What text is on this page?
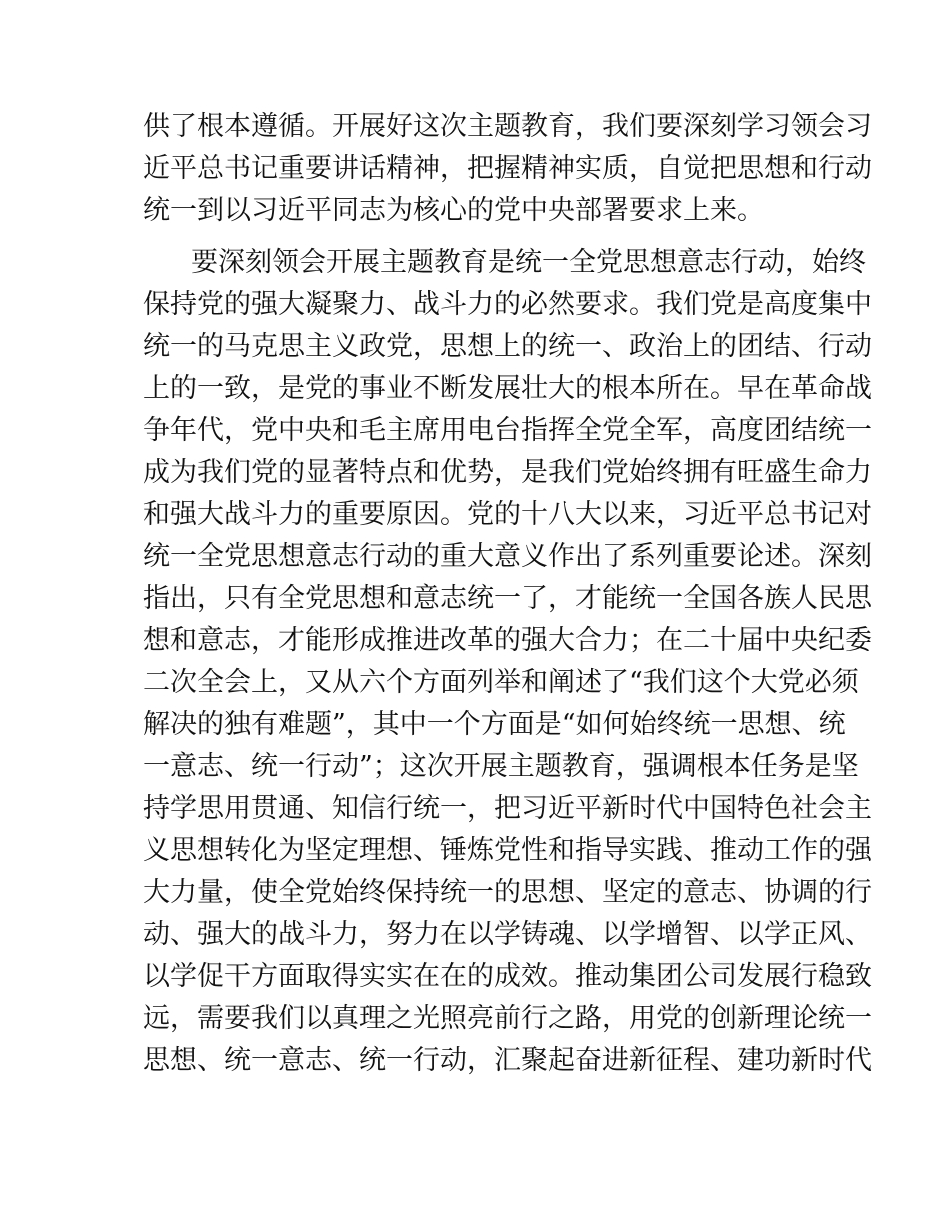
供了根本遵循。开展好这次主题教育，我们要深刻学习领会习
近平总书记重要讲话精神，把握精神实质，自觉把思想和行动
统一到以习近平同志为核心的党中央部署要求上来。
要深刻领会开展主题教育是统一全党思想意志行动，始终
保持党的强大凝聚力、战斗力的必然要求。我们党是高度集中
统一的马克思主义政党，思想上的统一、政治上的团结、行动
上的一致，是党的事业不断发展壮大的根本所在。早在革命战
争年代，党中央和毛主席用电台指挥全党全军，高度团结统一
成为我们党的显著特点和优势，是我们党始终拥有旺盛生命力
和强大战斗力的重要原因。党的十八大以来，习近平总书记对
统一全党思想意志行动的重大意义作出了系列重要论述。深刻
指出，只有全党思想和意志统一了，才能统一全国各族人民思
想和意志，才能形成推进改革的强大合力；在二十届中央纪委
二次全会上，又从六个方面列举和阐述了“我们这个大党必须
解决的独有难题”，其中一个方面是“如何始终统一思想、统
一意志、统一行动”；这次开展主题教育，强调根本任务是坚
持学思用贯通、知信行统一，把习近平新时代中国特色社会主
义思想转化为坚定理想、锤炼党性和指导实践、推动工作的强
大力量，使全党始终保持统一的思想、坚定的意志、协调的行
动、强大的战斗力，努力在以学铸魂、以学增智、以学正风、
以学促干方面取得实实在在的成效。推动集团公司发展行稳致
远，需要我们以真理之光照亮前行之路，用党的创新理论统一
思想、统一意志、统一行动，汇聚起奋进新征程、建功新时代
